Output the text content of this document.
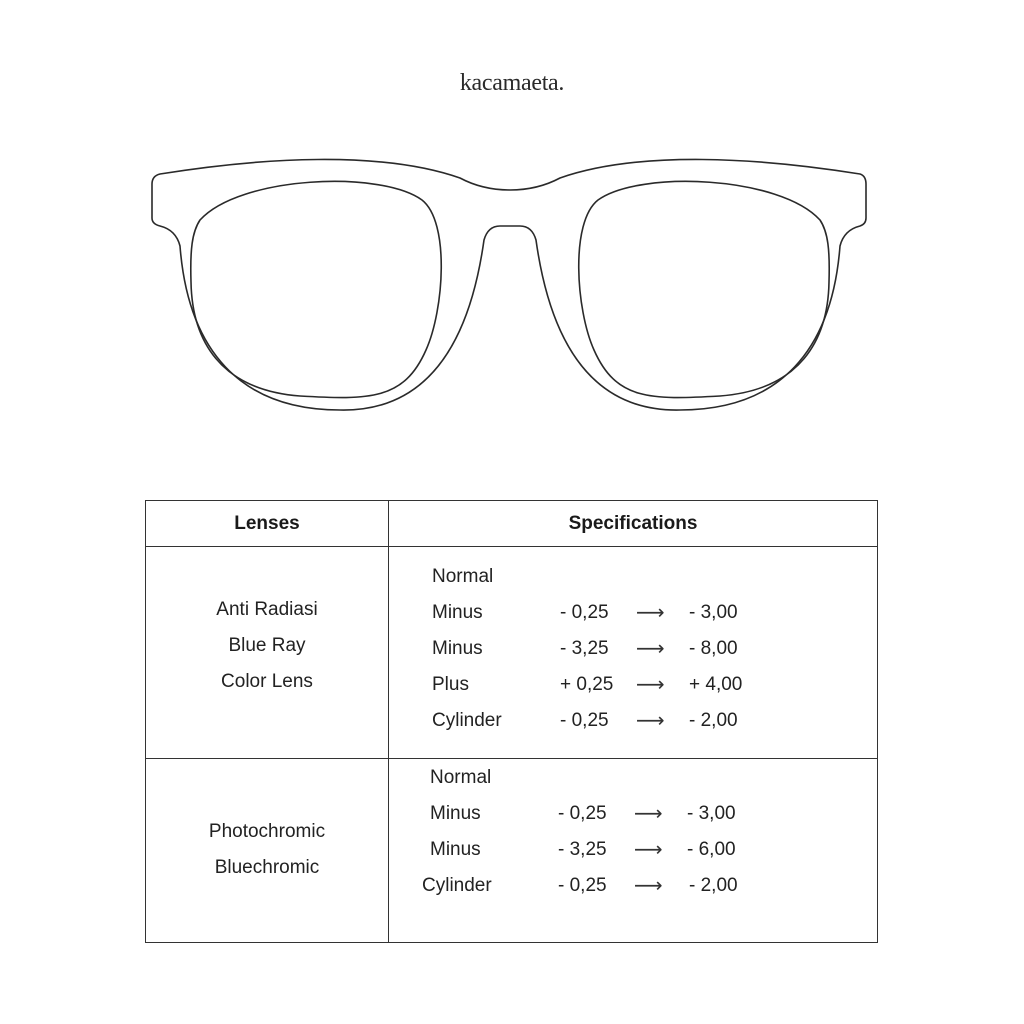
kacamaeta.
Lenses	Specifications
Anti Radiasi
Blue Ray
Color Lens
Normal
Minus	- 0,25 ⟶ - 3,00
Minus	- 3,25 ⟶ - 8,00
Plus	+ 0,25 ⟶ + 4,00
Cylinder	- 0,25 ⟶ - 2,00
Photochromic
Bluechromic
Normal
Minus	- 0,25 ⟶ - 3,00
Minus	- 3,25 ⟶ - 6,00
Cylinder	- 0,25 ⟶ - 2,00
